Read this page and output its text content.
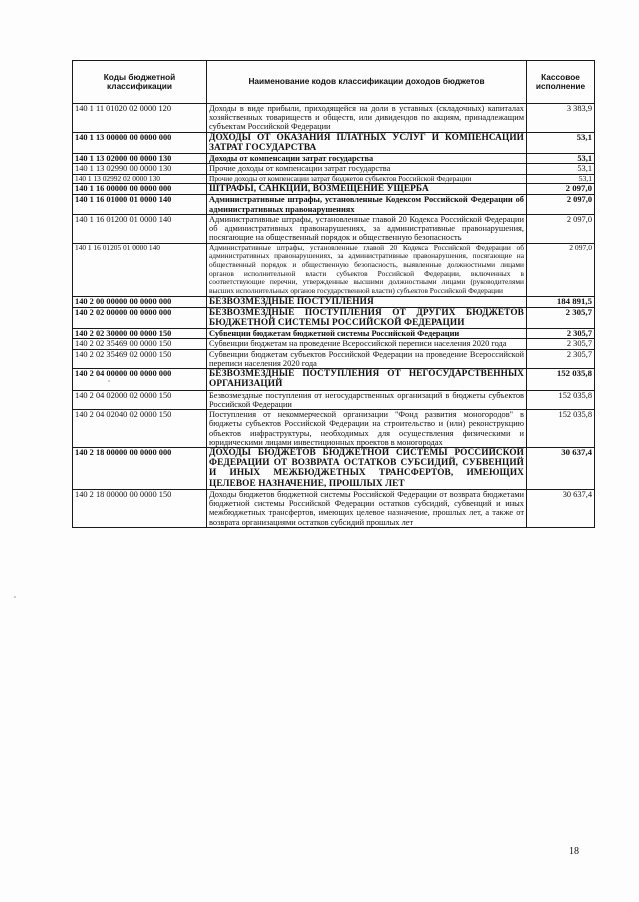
Коды бюджетной классификации	Наименование кодов классификации доходов бюджетов	Кассовое исполнение
140 1 11 01020 02 0000 120	Доходы в виде прибыли, приходящейся на доли в уставных (складочных) капиталах хозяйственных товариществ и обществ, или дивидендов по акциям, принадлежащим субъектам Российской Федерации	3 383,9
140 1 13 00000 00 0000 000	ДОХОДЫ ОТ ОКАЗАНИЯ ПЛАТНЫХ УСЛУГ И КОМПЕНСАЦИИ ЗАТРАТ ГОСУДАРСТВА	53,1
140 1 13 02000 00 0000 130	Доходы от компенсации затрат государства	53,1
140 1 13 02990 00 0000 130	Прочие доходы от компенсации затрат государства	53,1
140 1 13 02992 02 0000 130	Прочие доходы от компенсации затрат бюджетов субъектов Российской Федерации	53,1
140 1 16 00000 00 0000 000	ШТРАФЫ, САНКЦИИ, ВОЗМЕЩЕНИЕ УЩЕРБА	2 097,0
140 1 16 01000 01 0000 140	Административные штрафы, установленные Кодексом Российской Федерации об административных правонарушениях	2 097,0
140 1 16 01200 01 0000 140	Административные штрафы, установленные главой 20 Кодекса Российской Федерации об административных правонарушениях, за административные правонарушения, посягающие на общественный порядок и общественную безопасность	2 097,0
140 1 16 01205 01 0000 140	Административные штрафы, установленные главой 20 Кодекса Российской Федерации об административных правонарушениях, за административные правонарушения, посягающие на общественный порядок и общественную безопасность, выявленные должностными лицами органов исполнительной власти субъектов Российской Федерации, включенных в соответствующие перечни, утвержденные высшими должностными лицами (руководителями высших исполнительных органов государственной власти) субъектов Российской Федерации	2 097,0
140 2 00 00000 00 0000 000	БЕЗВОЗМЕЗДНЫЕ ПОСТУПЛЕНИЯ	184 891,5
140 2 02 00000 00 0000 000	БЕЗВОЗМЕЗДНЫЕ ПОСТУПЛЕНИЯ ОТ ДРУГИХ БЮДЖЕТОВ БЮДЖЕТНОЙ СИСТЕМЫ РОССИЙСКОЙ ФЕДЕРАЦИИ	2 305,7
140 2 02 30000 00 0000 150	Субвенции бюджетам бюджетной системы Российской Федерации	2 305,7
140 2 02 35469 00 0000 150	Субвенции бюджетам на проведение Всероссийской переписи населения 2020 года	2 305,7
140 2 02 35469 02 0000 150	Субвенции бюджетам субъектов Российской Федерации на проведение Всероссийской переписи населения 2020 года	2 305,7
140 2 04 00000 00 0000 000	БЕЗВОЗМЕЗДНЫЕ ПОСТУПЛЕНИЯ ОТ НЕГОСУДАРСТВЕННЫХ ОРГАНИЗАЦИЙ	152 035,8
140 2 04 02000 02 0000 150	Безвозмездные поступления от негосударственных организаций в бюджеты субъектов Российской Федерации	152 035,8
140 2 04 02040 02 0000 150	Поступления от некоммерческой организации "Фонд развития моногородов" в бюджеты субъектов Российской Федерации на строительство и (или) реконструкцию объектов инфраструктуры, необходимых для осуществления физическими и юридическими лицами инвестиционных проектов в моногородах	152 035,8
140 2 18 00000 00 0000 000	ДОХОДЫ БЮДЖЕТОВ БЮДЖЕТНОЙ СИСТЕМЫ РОССИЙСКОЙ ФЕДЕРАЦИИ ОТ ВОЗВРАТА ОСТАТКОВ СУБСИДИЙ, СУБВЕНЦИЙ И ИНЫХ МЕЖБЮДЖЕТНЫХ ТРАНСФЕРТОВ, ИМЕЮЩИХ ЦЕЛЕВОЕ НАЗНАЧЕНИЕ, ПРОШЛЫХ ЛЕТ	30 637,4
140 2 18 00000 00 0000 150	Доходы бюджетов бюджетной системы Российской Федерации от возврата бюджетами бюджетной системы Российской Федерации остатков субсидий, субвенций и иных межбюджетных трансфертов, имеющих целевое назначение, прошлых лет, а также от возврата организациями остатков субсидий прошлых лет	30 637,4
18
